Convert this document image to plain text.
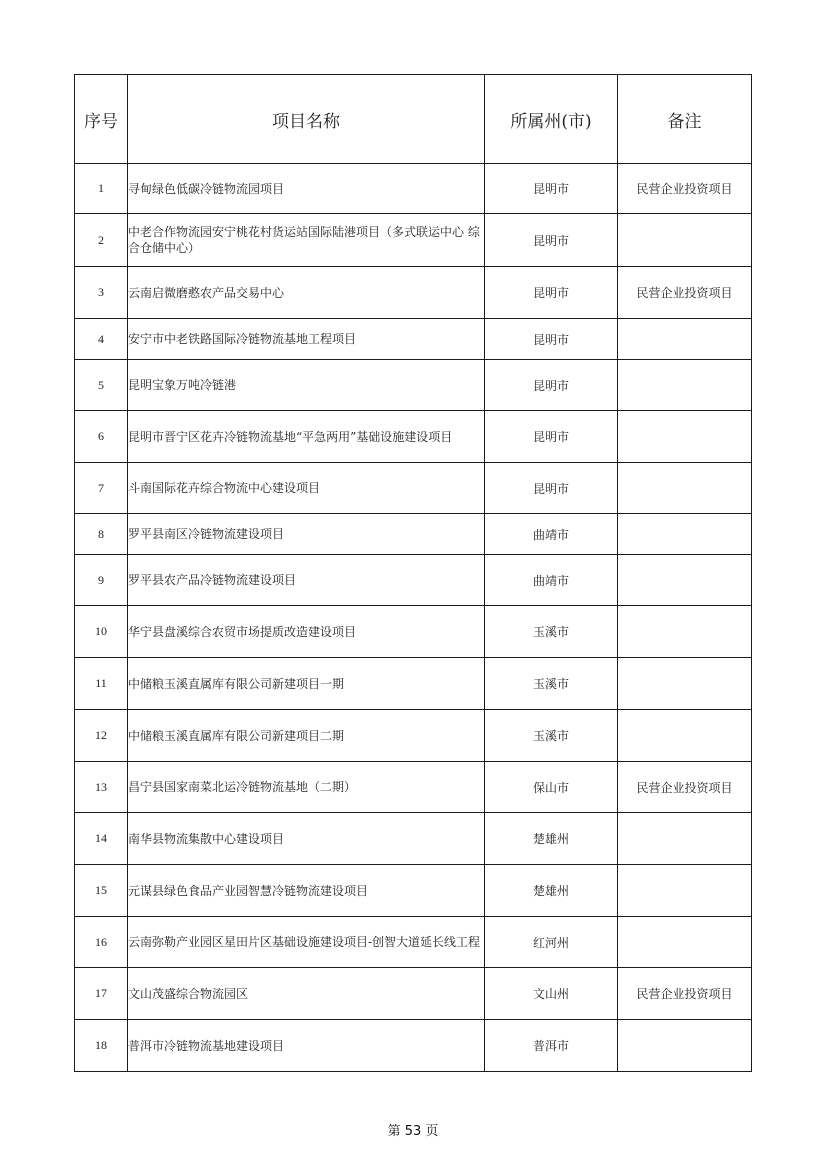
序号	项目名称	所属州(市)	备注
1	寻甸绿色低碳冷链物流园项目	昆明市	民营企业投资项目
2	中老合作物流园安宁桃花村货运站国际陆港项目（多式联运中心 综合仓储中心）	昆明市	
3	云南启微磨憨农产品交易中心	昆明市	民营企业投资项目
4	安宁市中老铁路国际冷链物流基地工程项目	昆明市	
5	昆明宝象万吨冷链港	昆明市	
6	昆明市晋宁区花卉冷链物流基地“平急两用”基础设施建设项目	昆明市	
7	斗南国际花卉综合物流中心建设项目	昆明市	
8	罗平县南区冷链物流建设项目	曲靖市	
9	罗平县农产品冷链物流建设项目	曲靖市	
10	华宁县盘溪综合农贸市场提质改造建设项目	玉溪市	
11	中储粮玉溪直属库有限公司新建项目一期	玉溪市	
12	中储粮玉溪直属库有限公司新建项目二期	玉溪市	
13	昌宁县国家南菜北运冷链物流基地（二期）	保山市	民营企业投资项目
14	南华县物流集散中心建设项目	楚雄州	
15	元谋县绿色食品产业园智慧冷链物流建设项目	楚雄州	
16	云南弥勒产业园区星田片区基础设施建设项目-创智大道延长线工程	红河州	
17	文山茂盛综合物流园区	文山州	民营企业投资项目
18	普洱市冷链物流基地建设项目	普洱市	
第 53 页
